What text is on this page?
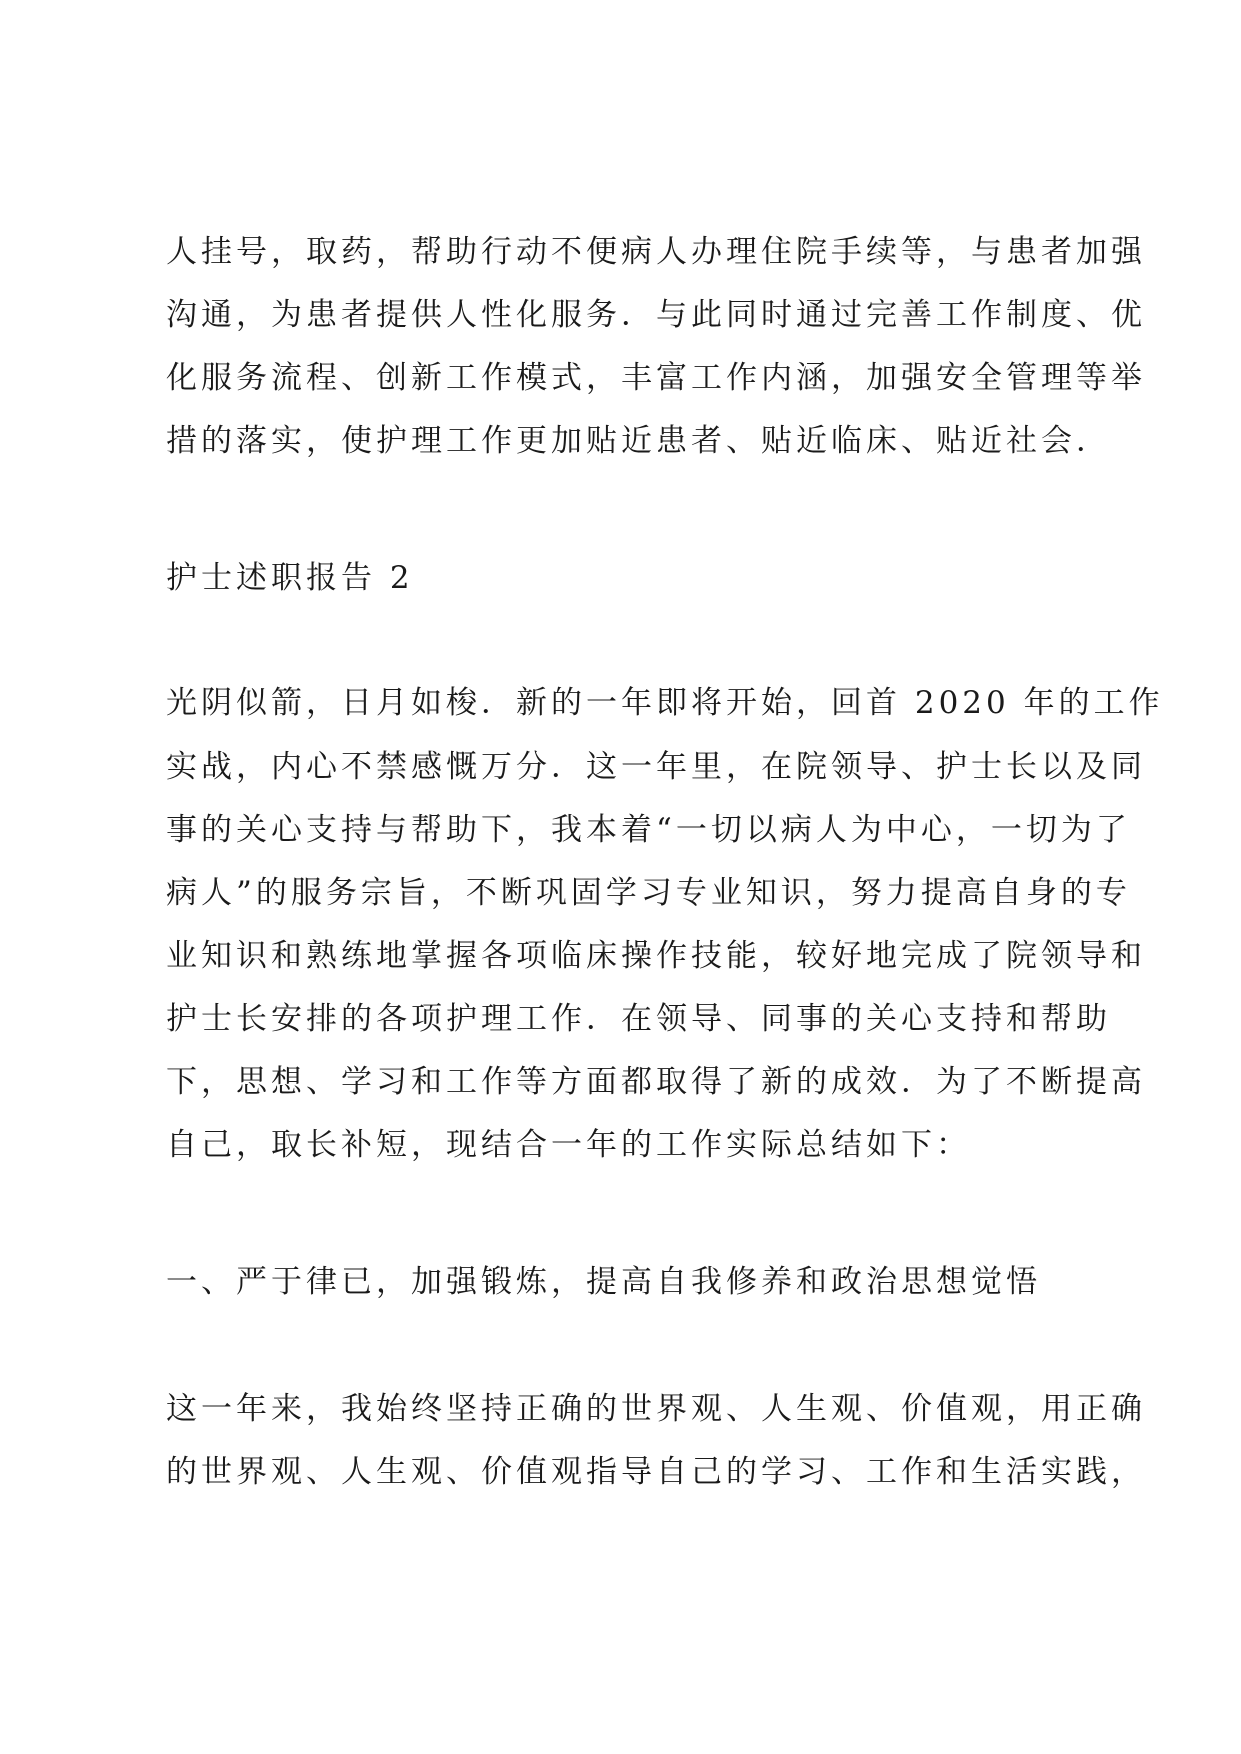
人挂号，取药，帮助行动不便病人办理住院手续等，与患者加强
沟通，为患者提供人性化服务．与此同时通过完善工作制度、优
化服务流程、创新工作模式，丰富工作内涵，加强安全管理等举
措的落实，使护理工作更加贴近患者、贴近临床、贴近社会．
护士述职报告 2
光阴似箭，日月如梭．新的一年即将开始，回首 2020 年的工作
实战，内心不禁感慨万分．这一年里，在院领导、护士长以及同
事的关心支持与帮助下，我本着“一切以病人为中心，一切为了
病人”的服务宗旨，不断巩固学习专业知识，努力提高自身的专
业知识和熟练地掌握各项临床操作技能，较好地完成了院领导和
护士长安排的各项护理工作．在领导、同事的关心支持和帮助
下，思想、学习和工作等方面都取得了新的成效．为了不断提高
自己，取长补短，现结合一年的工作实际总结如下：
一、严于律已，加强锻炼，提高自我修养和政治思想觉悟
这一年来，我始终坚持正确的世界观、人生观、价值观，用正确
的世界观、人生观、价值观指导自己的学习、工作和生活实践，
